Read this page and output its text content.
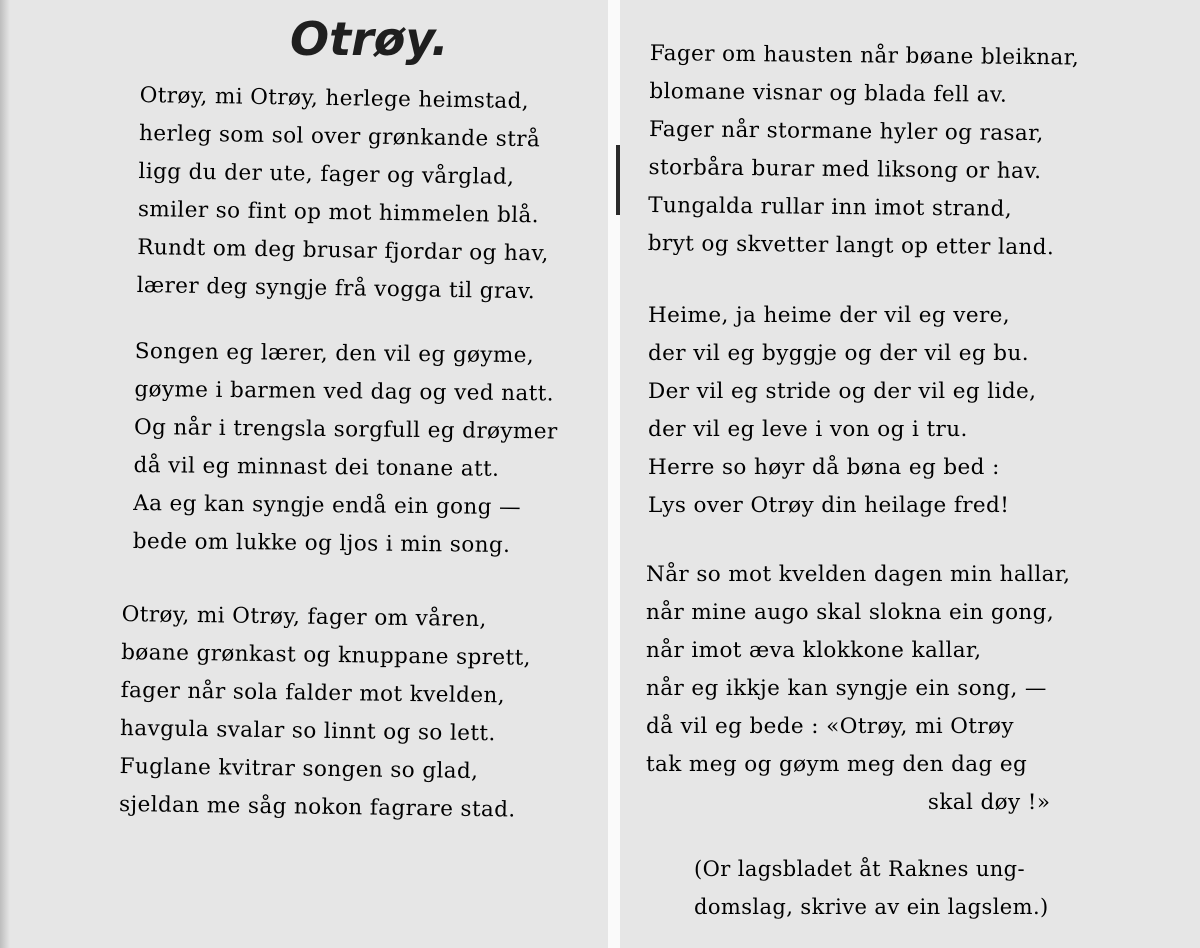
Otrøy.
Otrøy, mi Otrøy, herlege heimstad,
herleg som sol over grønkande strå
ligg du der ute, fager og vårglad,
smiler so fint op mot himmelen blå.
Rundt om deg brusar fjordar og hav,
lærer deg syngje frå vogga til grav.
Songen eg lærer, den vil eg gøyme,
gøyme i barmen ved dag og ved natt.
Og når i trengsla sorgfull eg drøymer
då vil eg minnast dei tonane att.
Aa eg kan syngje endå ein gong —
bede om lukke og ljos i min song.
Otrøy, mi Otrøy, fager om våren,
bøane grønkast og knuppane sprett,
fager når sola falder mot kvelden,
havgula svalar so linnt og so lett.
Fuglane kvitrar songen so glad,
sjeldan me såg nokon fagrare stad.
Fager om hausten når bøane bleiknar,
blomane visnar og blada fell av.
Fager når stormane hyler og rasar,
storbåra burar med liksong or hav.
Tungalda rullar inn imot strand,
bryt og skvetter langt op etter land.
Heime, ja heime der vil eg vere,
der vil eg byggje og der vil eg bu.
Der vil eg stride og der vil eg lide,
der vil eg leve i von og i tru.
Herre so høyr då bøna eg bed :
Lys over Otrøy din heilage fred!
Når so mot kvelden dagen min hallar,
når mine augo skal slokna ein gong,
når imot æva klokkone kallar,
når eg ikkje kan syngje ein song, —
då vil eg bede : «Otrøy, mi Otrøy
tak meg og gøym meg den dag eg
skal døy !»
(Or lagsbladet åt Raknes ung-
domslag, skrive av ein lagslem.)
